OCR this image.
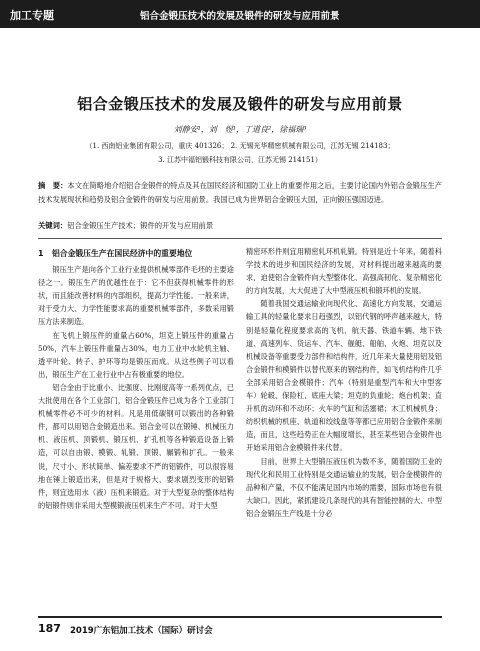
加工专题	铝合金锻压技术的发展及锻件的研发与应用前景
铝合金锻压技术的发展及锻件的研发与应用前景
刘静安¹，刘　煜¹，丁道良²，徐福瑞³
（1. 西南铝业集团有限公司，重庆 401326； 2. 无锡光华精密机械有限公司，江苏无锡 214183；
3. 江苏中福铝锻科技有限公司，江苏无锡 214151）
摘　要：本文在简略地介绍铝合金锻件的特点及其在国民经济和国防工业上的重要作用之后，主要讨论国内外铝合金锻压生产技术发展现状和趋势及铝合金锻件的研发与应用前景。我国已成为世界铝合金锻压大国，正向锻压强国迈进。
关键词：铝合金锻压生产技术；锻件的开发与应用前景
1 铝合金锻压生产在国民经济中的重要地位

锻压生产是向各个工业行业提供机械零部件毛坯的主要途径之一。锻压生产的优越性在于：它不但获得机械零件的形状，而且能改善材料的内部组织，提高力学性能。一般来讲，对于受力大、力学性能要求高的重要机械零部件，多数采用锻压方法来制造。

在飞机上锻压件的重量占60%，坦克上锻压件的重量占50%，汽车上锻压件重量占30%，电力工业中水轮机主轴、透平叶轮、转子、护环等均是锻压而成。从这些例子可以看出，锻压生产在工业行业中占有极重要的地位。

铝合金由于比重小、比强度、比刚度高等一系列优点，已大批使用在各个工业部门，铝合金锻压件已成为各个工业部门机械零件必不可少的材料。凡是用低碳钢可以锻出的各种锻件，都可以用铝合金锻造出来。铝合金可以在锻锤、机械压力机、液压机、顶锻机、锻压机、扩孔机等各种锻造设备上锻造，可以自由锻、模锻、轧锻、顶锻、辗锻和扩孔。一般来说，尺寸小、形状简单、偏差要求不严的铝锻件，可以很容易地在锤上锻造出来，但是对于规格大、要求剧烈变形的铝锻件，则宜选用水（液）压机来锻造。对于大型复杂的整体结构的铝锻件则非采用大型模锻液压机来生产不可。对于大型

精密环形件则宜用精密轧环机轧锻。特别是近十年来，随着科学技术的进步和国民经济的发展，对材料提出越来越高的要求，迫使铝合金锻件向大型整体化、高强高韧化、复杂精密化的方向发展，大大促进了大中型液压机和锻环机的发展。

随着我国交通运输业向现代化、高速化方向发展，交通运输工具的轻量化要求日趋强烈，以铝代钢的呼声越来越大，特别是轻量化程度要求高的飞机、航天器、铁道车辆、地下铁道、高速列车、货运车、汽车、舰艇、船舶、火炮、坦克以及机械设备等重要受力部件和结构件，近几年来大量使用铝及铝合金锻件和模锻件以替代原来的钢结构件，如飞机结构件几乎全部采用铝合金模锻件；汽车（特别是重型汽车和大中型客车）轮毂、保险杠、底座大梁；坦克的负重轮；炮台机架；直升机的动环和不动环；火车的气缸和活塞裙；木工机械机身；纺织机械的机座、轨道和绞线盘等等都已应用铝合金锻件来制造，而且，这些趋势正在大幅度增长，甚至某些铝合金锻件也开始采用铝合金模锻件来代替。

目前，世界上大型锻压液压机为数不多，随着国防工业的现代化和民用工业特别是交通运输业的发展，铝合金模锻件的品种和产量，不仅不能满足国内市场的需要，国际市场也有很大缺口。因此，紧抓建设几条现代的具有智能控制的大、中型铝合金锻压生产线是十分必

187 2019广东铝加工技术（国际）研讨会
